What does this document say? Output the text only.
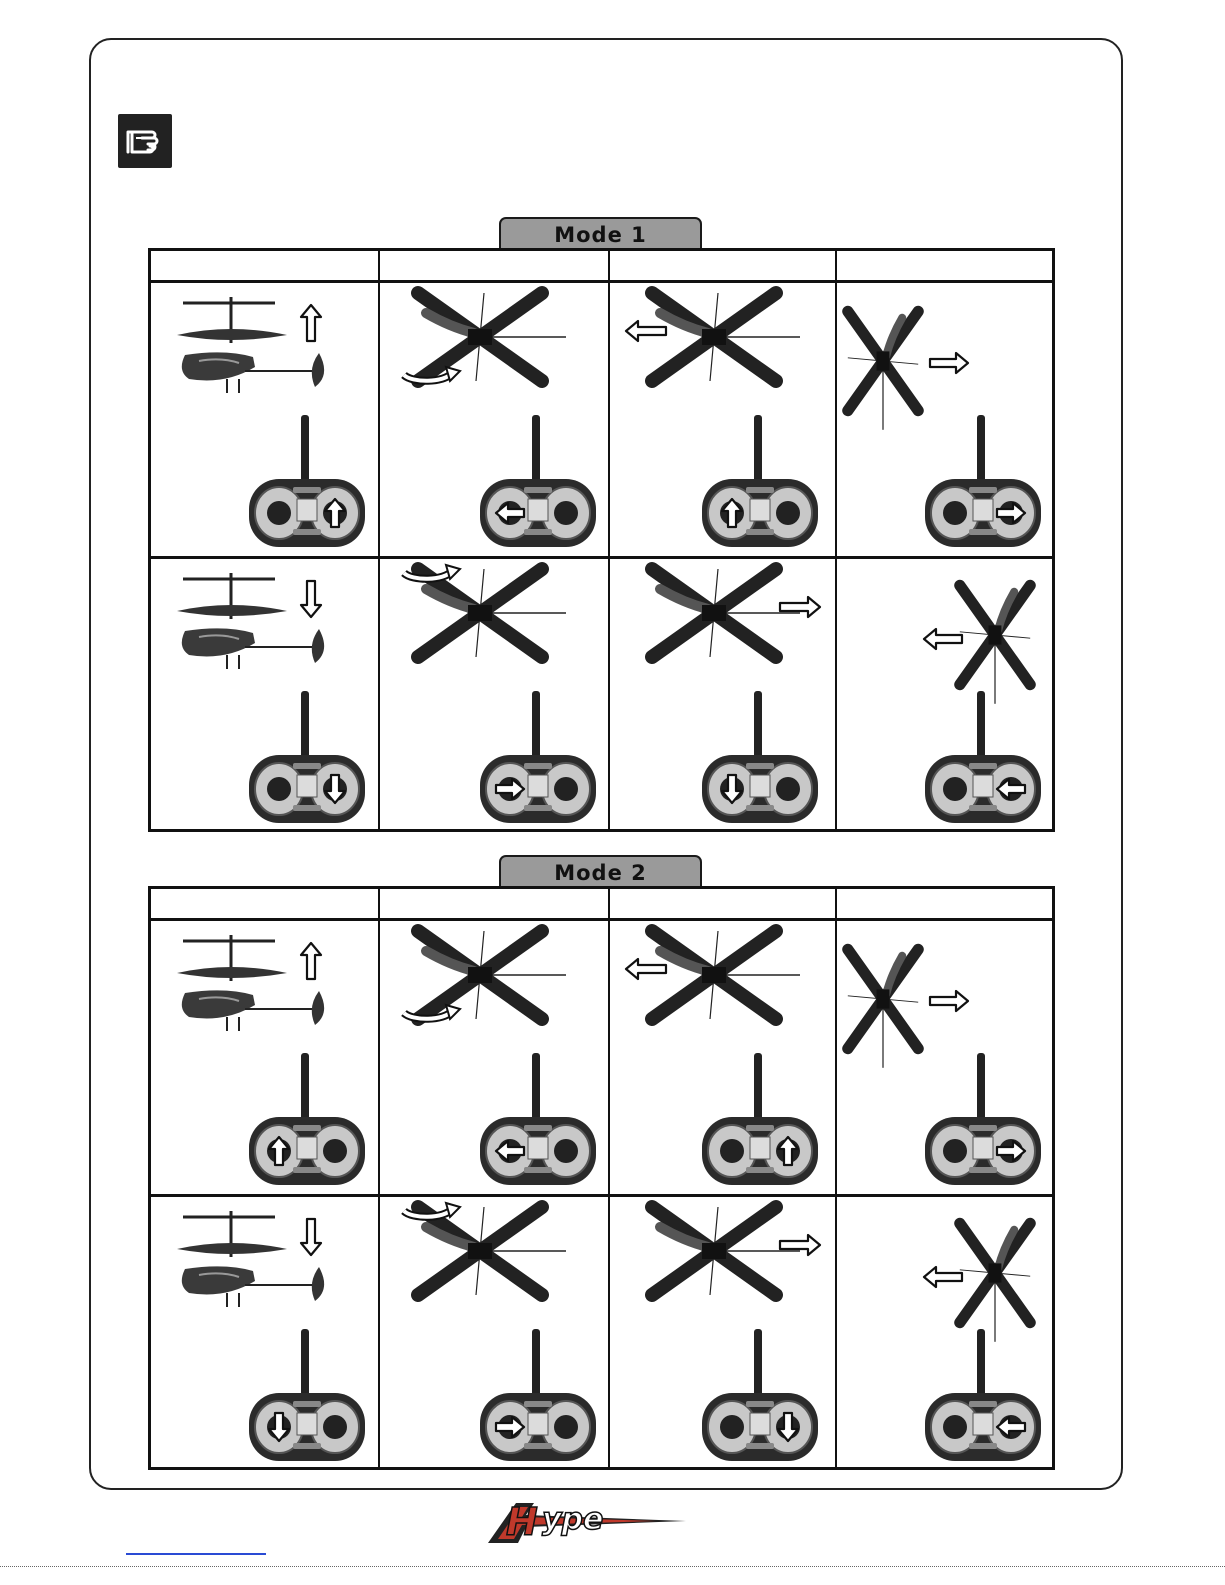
Mode 1
Mode 2
ype
H
